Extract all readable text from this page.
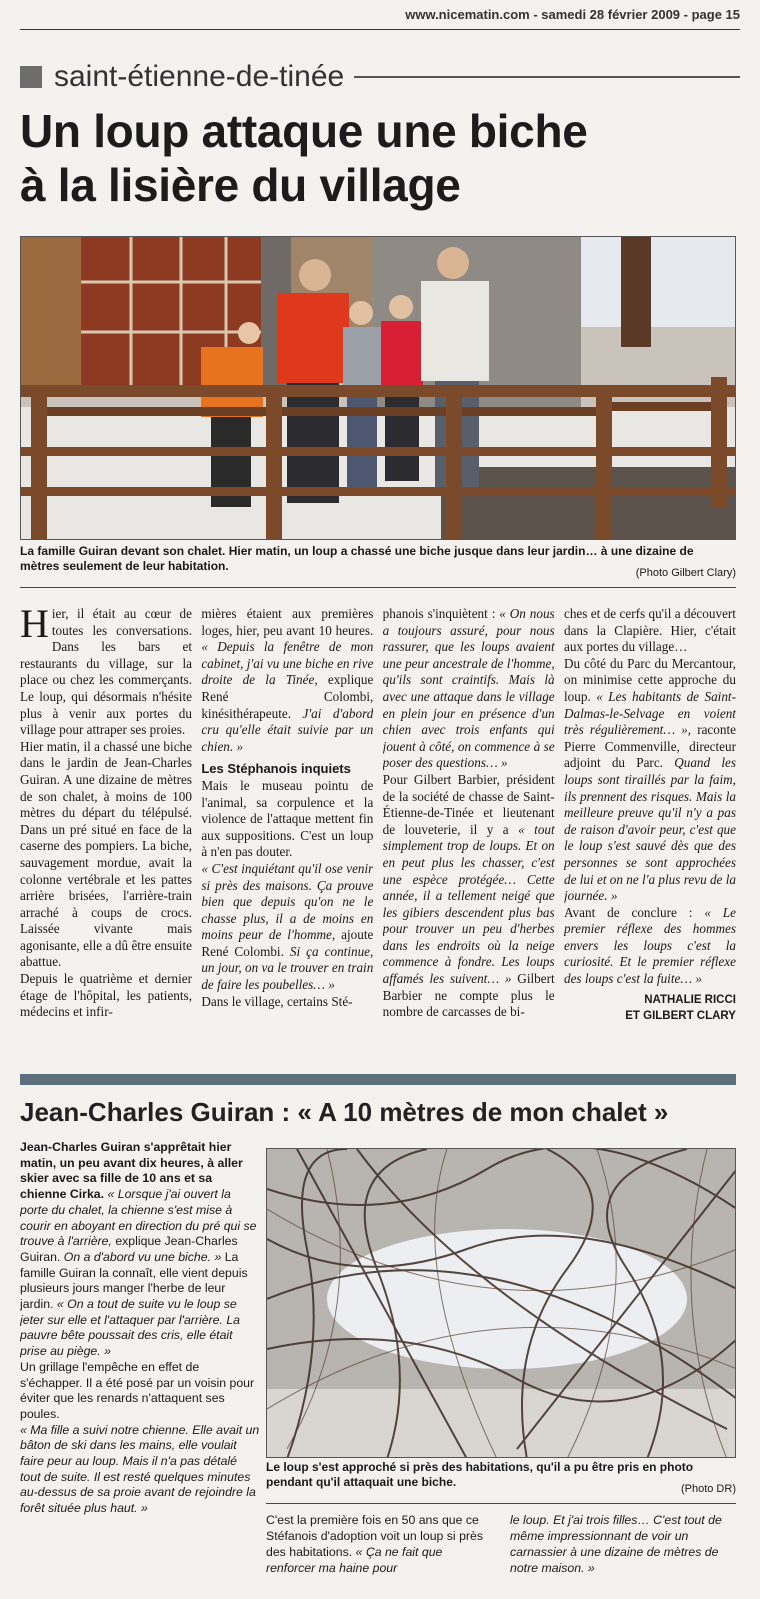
www.nicematin.com - samedi 28 février 2009 - page 15
saint-étienne-de-tinée
Un loup attaque une biche
à la lisière du village
La famille Guiran devant son chalet. Hier matin, un loup a chassé une biche jusque dans leur jardin… à une dizaine de mètres seulement de leur habitation.	(Photo Gilbert Clary)

Hier, il était au cœur de toutes les conversations. Dans les bars et restaurants du village, sur la place ou chez les commerçants. Le loup, qui désormais n'hésite plus à venir aux portes du village pour attraper ses proies.

Hier matin, il a chassé une biche dans le jardin de Jean-Charles Guiran. A une dizaine de mètres de son chalet, à moins de 100 mètres du départ du télépulsé. Dans un pré situé en face de la caserne des pompiers. La biche, sauvagement mordue, avait la colonne vertébrale et les pattes arrière brisées, l'arrière-train arraché à coups de crocs. Laissée vivante mais agonisante, elle a dû être ensuite abattue.

Depuis le quatrième et dernier étage de l'hôpital, les patients, médecins et infir-

mières étaient aux premières loges, hier, peu avant 10 heures. « Depuis la fenêtre de mon cabinet, j'ai vu une biche en rive droite de la Tinée, explique René Colombi, kinésithérapeute. J'ai d'abord cru qu'elle était suivie par un chien. »

Les Stéphanois inquiets

Mais le museau pointu de l'animal, sa corpulence et la violence de l'attaque mettent fin aux suppositions. C'est un loup à n'en pas douter.

« C'est inquiétant qu'il ose venir si près des maisons. Ça prouve bien que depuis qu'on ne le chasse plus, il a de moins en moins peur de l'homme, ajoute René Colombi. Si ça continue, un jour, on va le trouver en train de faire les poubelles… »

Dans le village, certains Sté-

phanois s'inquiètent : « On nous a toujours assuré, pour nous rassurer, que les loups avaient une peur ancestrale de l'homme, qu'ils sont craintifs. Mais là avec une attaque dans le village en plein jour en présence d'un chien avec trois enfants qui jouent à côté, on commence à se poser des questions… »

Pour Gilbert Barbier, président de la société de chasse de Saint-Étienne-de-Tinée et lieutenant de louveterie, il y a « tout simplement trop de loups. Et on en peut plus les chasser, c'est une espèce protégée… Cette année, il a tellement neigé que les gibiers descendent plus bas pour trouver un peu d'herbes dans les endroits où la neige commence à fondre. Les loups affamés les suivent… » Gilbert Barbier ne compte plus le nombre de carcasses de bi-

ches et de cerfs qu'il a découvert dans la Clapière. Hier, c'était aux portes du village…

Du côté du Parc du Mercantour, on minimise cette approche du loup. « Les habitants de Saint-Dalmas-le-Selvage en voient très régulièrement… », raconte Pierre Commenville, directeur adjoint du Parc. Quand les loups sont tiraillés par la faim, ils prennent des risques. Mais la meilleure preuve qu'il n'y a pas de raison d'avoir peur, c'est que le loup s'est sauvé dès que des personnes se sont approchées de lui et on ne l'a plus revu de la journée. »

Avant de conclure : « Le premier réflexe des hommes envers les loups c'est la curiosité. Et le premier réflexe des loups c'est la fuite… »

NATHALIE RICCI
ET GILBERT CLARY
Jean-Charles Guiran : « A 10 mètres de mon chalet »

Jean-Charles Guiran s'apprêtait hier matin, un peu avant dix heures, à aller skier avec sa fille de 10 ans et sa chienne Cirka. « Lorsque j'ai ouvert la porte du chalet, la chienne s'est mise à courir en aboyant en direction du pré qui se trouve à l'arrière, explique Jean-Charles Guiran. On a d'abord vu une biche. » La famille Guiran la connaît, elle vient depuis plusieurs jours manger l'herbe de leur jardin. « On a tout de suite vu le loup se jeter sur elle et l'attaquer par l'arrière. La pauvre bête poussait des cris, elle était prise au piège. »

Un grillage l'empêche en effet de s'échapper. Il a été posé par un voisin pour éviter que les renards n'attaquent ses poules.

« Ma fille a suivi notre chienne. Elle avait un bâton de ski dans les mains, elle voulait faire peur au loup. Mais il n'a pas détalé tout de suite. Il est resté quelques minutes au-dessus de sa proie avant de rejoindre la forêt située plus haut. »

Le loup s'est approché si près des habitations, qu'il a pu être pris en photo pendant qu'il attaquait une biche.	(Photo DR)
C'est la première fois en 50 ans que ce Stéfanois d'adoption voit un loup si près des habitations. « Ça ne fait que renforcer ma haine pour
le loup. Et j'ai trois filles… C'est tout de même impressionnant de voir un carnassier à une dizaine de mètres de notre maison. »
